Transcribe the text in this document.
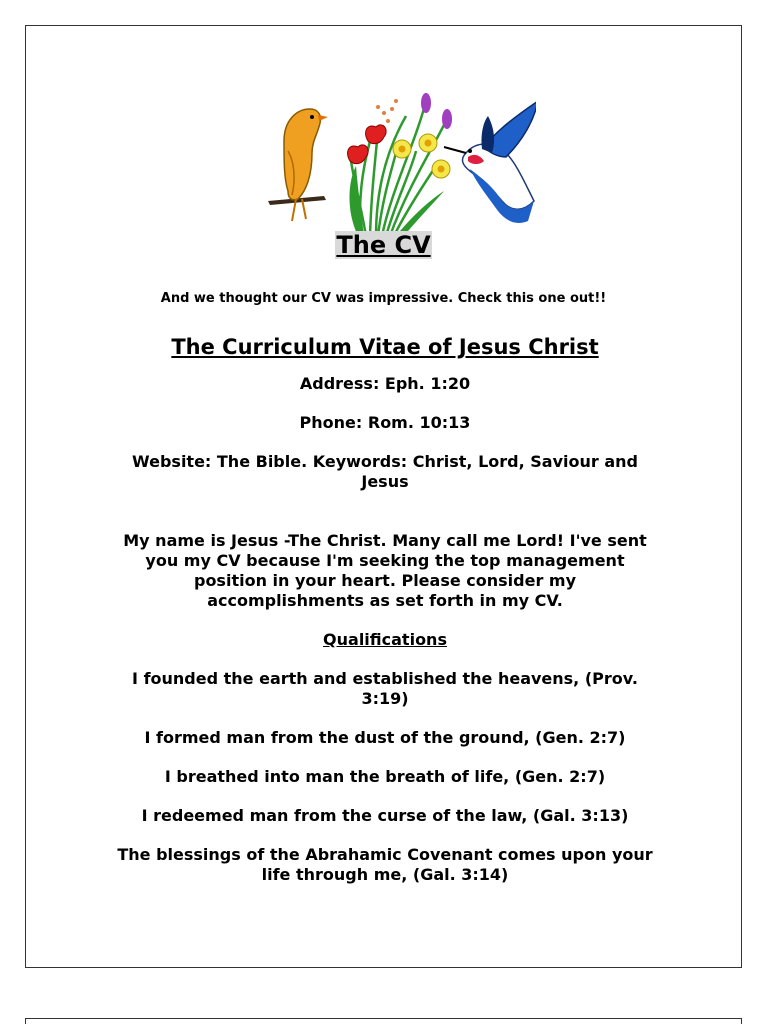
The CV
And we thought our CV was impressive. Check this one out!!

The Curriculum Vitae of Jesus Christ

Address: Eph. 1:20

Phone: Rom. 10:13

Website: The Bible. Keywords: Christ, Lord, Saviour and Jesus

My name is Jesus -The Christ. Many call me Lord! I've sent you my CV because I'm seeking the top management position in your heart. Please consider my accomplishments as set forth in my CV.

Qualifications

I founded the earth and established the heavens, (Prov. 3:19)

I formed man from the dust of the ground, (Gen. 2:7)

I breathed into man the breath of life, (Gen. 2:7)

I redeemed man from the curse of the law, (Gal. 3:13)

The blessings of the Abrahamic Covenant comes upon your life through me, (Gal. 3:14)
